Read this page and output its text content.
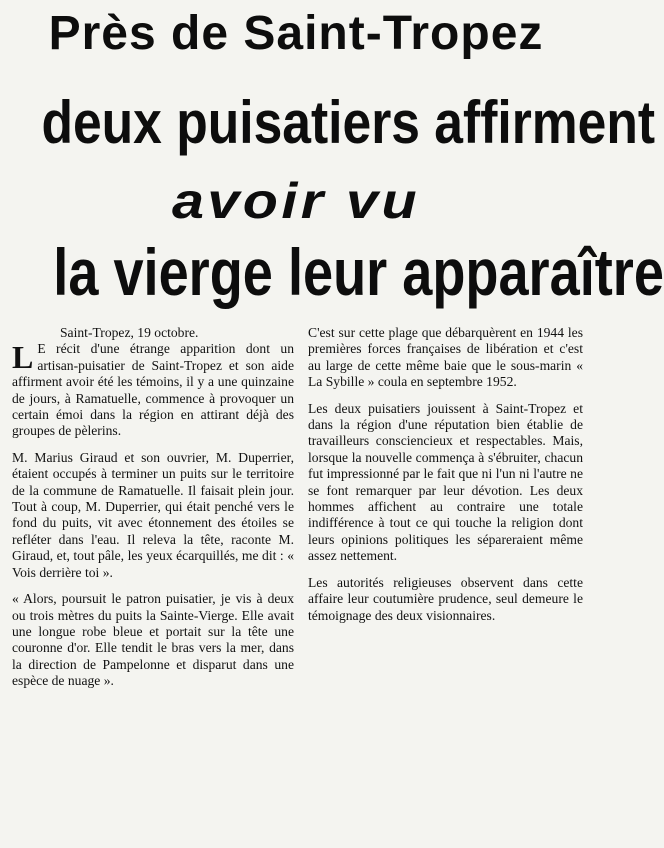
Près de Saint-Tropez
deux puisatiers affirment
avoir vu
la vierge leur apparaître
Saint-Tropez, 19 octobre.

L E récit d'une étrange apparition dont un artisan-puisatier de Saint-Tropez et son aide affirment avoir été les témoins, il y a une quinzaine de jours, à Ramatuelle, commence à provoquer un certain émoi dans la région en attirant déjà des groupes de pèlerins.

M. Marius Giraud et son ouvrier, M. Duperrier, étaient occupés à terminer un puits sur le territoire de la commune de Ramatuelle. Il faisait plein jour. Tout à coup, M. Duperrier, qui était penché vers le fond du puits, vit avec étonnement des étoiles se refléter dans l'eau. Il releva la tête, raconte M. Giraud, et, tout pâle, les yeux écarquillés, me dit : « Vois derrière toi ».

« Alors, poursuit le patron puisatier, je vis à deux ou trois mètres du puits la Sainte-Vierge. Elle avait une longue robe bleue et portait sur la tête une couronne d'or. Elle tendit le bras vers la mer, dans la direction de Pampelonne et disparut dans une espèce de nuage ».

C'est sur cette plage que débarquèrent en 1944 les premières forces françaises de libération et c'est au large de cette même baie que le sous-marin « La Sybille » coula en septembre 1952.

Les deux puisatiers jouissent à Saint-Tropez et dans la région d'une réputation bien établie de travailleurs consciencieux et respectables. Mais, lorsque la nouvelle commença à s'ébruiter, chacun fut impressionné par le fait que ni l'un ni l'autre ne se font remarquer par leur dévotion. Les deux hommes affichent au contraire une totale indifférence à tout ce qui touche la religion dont leurs opinions politiques les sépareraient même assez nettement.

Les autorités religieuses observent dans cette affaire leur coutumière prudence, seul demeure le témoignage des deux visionnaires.
